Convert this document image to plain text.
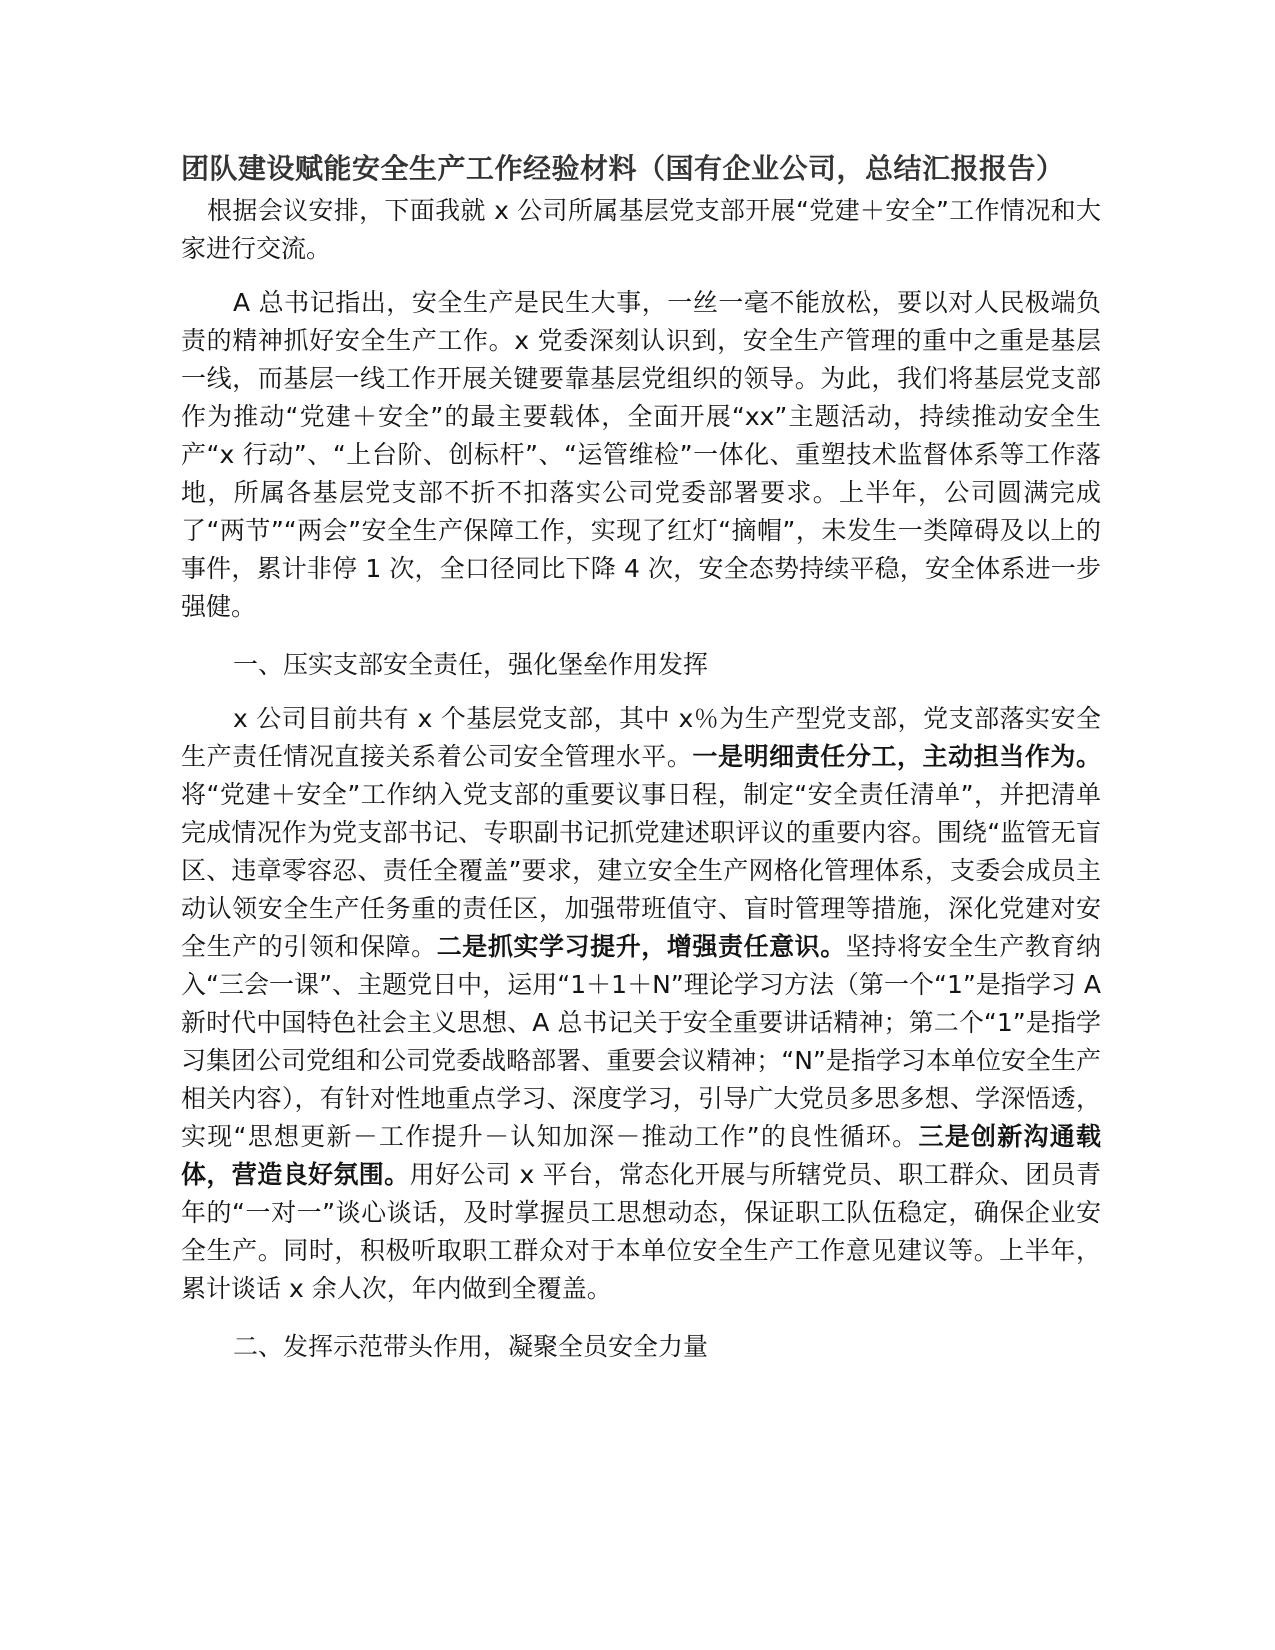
团队建设赋能安全生产工作经验材料（国有企业公司，总结汇报报告）

根据会议安排，下面我就 x 公司所属基层党支部开展“党建＋安全”工作情况和大家进行交流。

A 总书记指出，安全生产是民生大事，一丝一毫不能放松，要以对人民极端负责的精神抓好安全生产工作。x 党委深刻认识到，安全生产管理的重中之重是基层一线，而基层一线工作开展关键要靠基层党组织的领导。为此，我们将基层党支部作为推动“党建＋安全”的最主要载体，全面开展“xx”主题活动，持续推动安全生产“x 行动”、“上台阶、创标杆”、“运管维检”一体化、重塑技术监督体系等工作落地，所属各基层党支部不折不扣落实公司党委部署要求。上半年，公司圆满完成了“两节”“两会”安全生产保障工作，实现了红灯“摘帽”，未发生一类障碍及以上的事件，累计非停 1 次，全口径同比下降 4 次，安全态势持续平稳，安全体系进一步强健。

一、压实支部安全责任，强化堡垒作用发挥

x 公司目前共有 x 个基层党支部，其中 x％为生产型党支部，党支部落实安全生产责任情况直接关系着公司安全管理水平。一是明细责任分工，主动担当作为。将“党建＋安全”工作纳入党支部的重要议事日程，制定“安全责任清单”，并把清单完成情况作为党支部书记、专职副书记抓党建述职评议的重要内容。围绕“监管无盲区、违章零容忍、责任全覆盖”要求，建立安全生产网格化管理体系，支委会成员主动认领安全生产任务重的责任区，加强带班值守、盲时管理等措施，深化党建对安全生产的引领和保障。二是抓实学习提升，增强责任意识。坚持将安全生产教育纳入“三会一课”、主题党日中，运用“1＋1＋N”理论学习方法（第一个“1”是指学习 A 新时代中国特色社会主义思想、A 总书记关于安全重要讲话精神；第二个“1”是指学习集团公司党组和公司党委战略部署、重要会议精神；“N”是指学习本单位安全生产相关内容），有针对性地重点学习、深度学习，引导广大党员多思多想、学深悟透，实现“思想更新－工作提升－认知加深－推动工作”的良性循环。三是创新沟通载体，营造良好氛围。用好公司 x 平台，常态化开展与所辖党员、职工群众、团员青年的“一对一”谈心谈话，及时掌握员工思想动态，保证职工队伍稳定，确保企业安全生产。同时，积极听取职工群众对于本单位安全生产工作意见建议等。上半年，累计谈话 x 余人次，年内做到全覆盖。

二、发挥示范带头作用，凝聚全员安全力量
